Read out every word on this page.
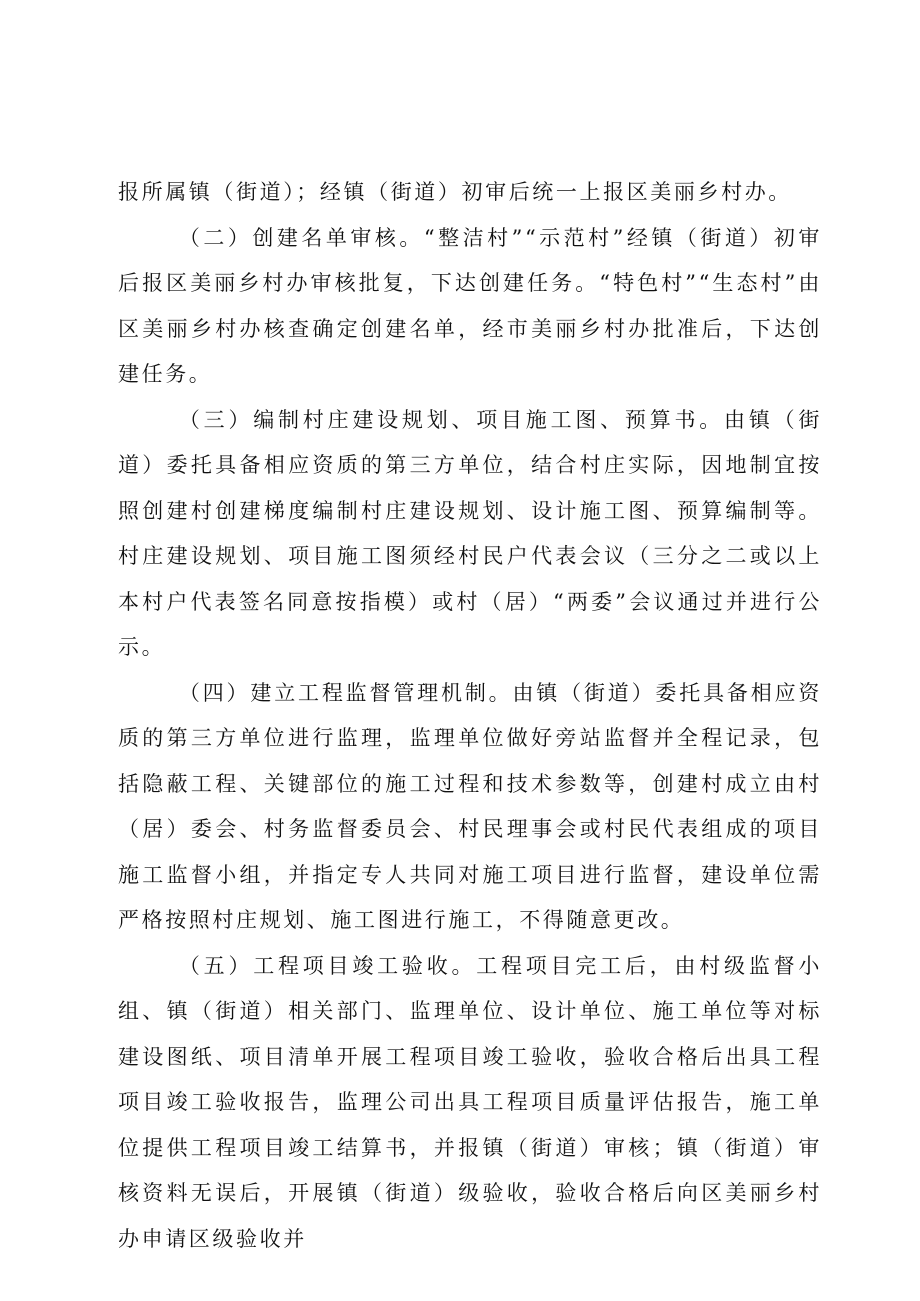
报所属镇（街道）；经镇（街道）初审后统一上报区美丽乡村办。

（二）创建名单审核。“整洁村”“示范村”经镇（街道）初审后报区美丽乡村办审核批复，下达创建任务。“特色村”“生态村”由区美丽乡村办核查确定创建名单，经市美丽乡村办批准后，下达创建任务。

（三）编制村庄建设规划、项目施工图、预算书。由镇（街道）委托具备相应资质的第三方单位，结合村庄实际，因地制宜按照创建村创建梯度编制村庄建设规划、设计施工图、预算编制等。村庄建设规划、项目施工图须经村民户代表会议（三分之二或以上本村户代表签名同意按指模）或村（居）“两委”会议通过并进行公示。

（四）建立工程监督管理机制。由镇（街道）委托具备相应资质的第三方单位进行监理，监理单位做好旁站监督并全程记录，包括隐蔽工程、关键部位的施工过程和技术参数等，创建村成立由村（居）委会、村务监督委员会、村民理事会或村民代表组成的项目施工监督小组，并指定专人共同对施工项目进行监督，建设单位需严格按照村庄规划、施工图进行施工，不得随意更改。

（五）工程项目竣工验收。工程项目完工后，由村级监督小组、镇（街道）相关部门、监理单位、设计单位、施工单位等对标建设图纸、项目清单开展工程项目竣工验收，验收合格后出具工程项目竣工验收报告，监理公司出具工程项目质量评估报告，施工单位提供工程项目竣工结算书，并报镇（街道）审核；镇（街道）审核资料无误后，开展镇（街道）级验收，验收合格后向区美丽乡村办申请区级验收并
